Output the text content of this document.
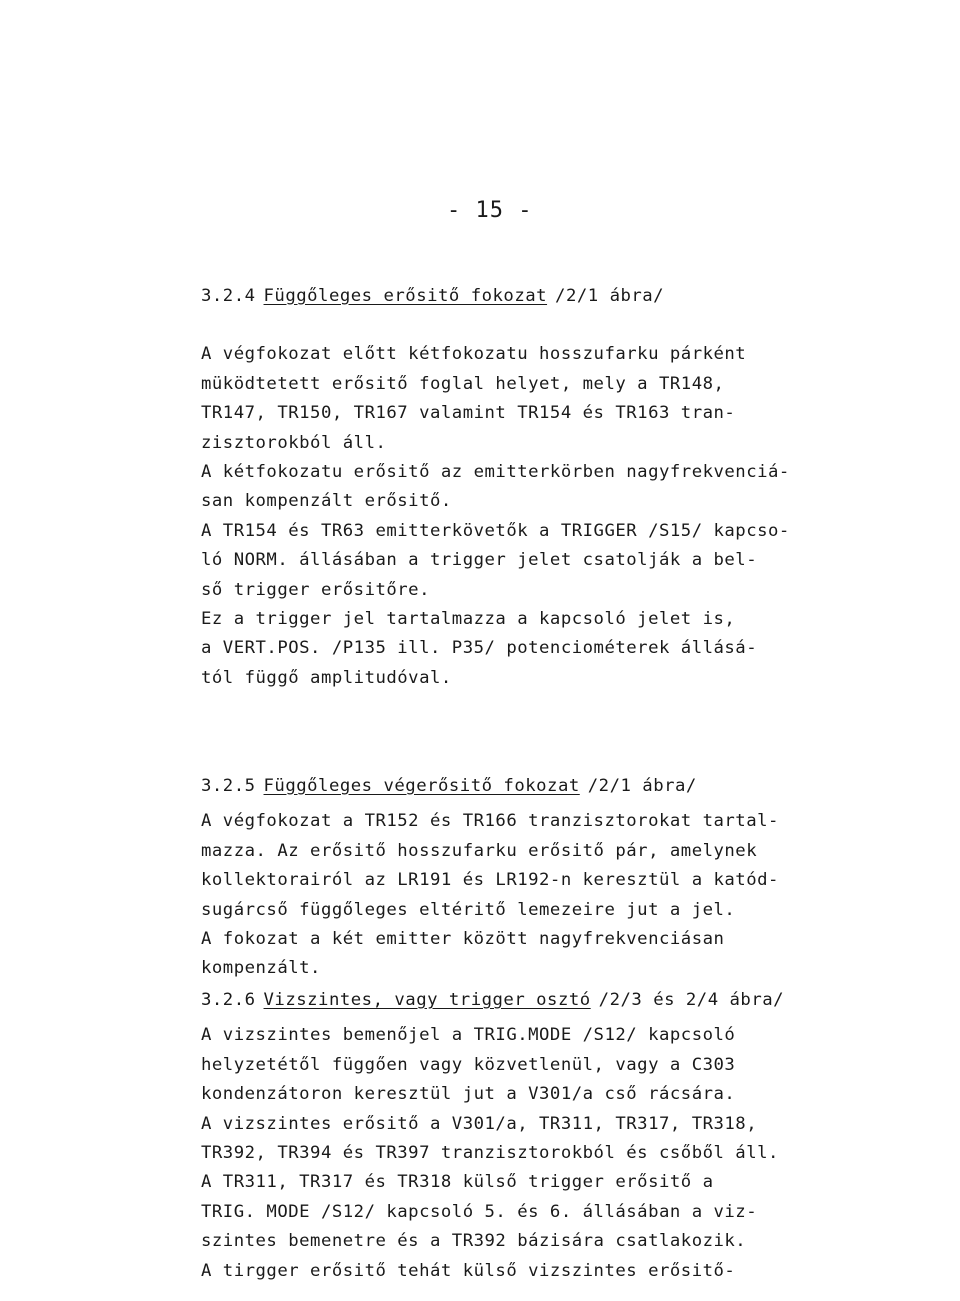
- 15 -
3.2.4 Függőleges erősitő fokozat /2/1 ábra/
A végfokozat előtt kétfokozatu hosszufarku párként
müködtetett erősitő foglal helyet, mely a TR148,
TR147, TR150, TR167 valamint TR154 és TR163 tran-
zisztorokból áll.
A kétfokozatu erősitő az emitterkörben nagyfrekvenciá-
san kompenzált erősitő.
A TR154 és TR63 emitterkövetők a TRIGGER /S15/ kapcso-
ló NORM. állásában a trigger jelet csatolják a bel-
ső trigger erősitőre.
Ez a trigger jel tartalmazza a kapcsoló jelet is,
a VERT.POS. /P135 ill. P35/ potenciométerek állásá-
tól függő amplitudóval.
3.2.5 Függőleges végerősitő fokozat /2/1 ábra/
A végfokozat a TR152 és TR166 tranzisztorokat tartal-
mazza. Az erősitő hosszufarku erősitő pár, amelynek
kollektorairól az LR191 és LR192-n keresztül a katód-
sugárcső függőleges eltéritő lemezeire jut a jel.
A fokozat a két emitter között nagyfrekvenciásan
kompenzált.
3.2.6 Vizszintes, vagy trigger osztó /2/3 és 2/4 ábra/
A vizszintes bemenőjel a TRIG.MODE /S12/ kapcsoló
helyzetétől függően vagy közvetlenül, vagy a C303
kondenzátoron keresztül jut a V301/a cső rácsára.
A vizszintes erősitő a V301/a, TR311, TR317, TR318,
TR392, TR394 és TR397 tranzisztorokból és csőből áll.
A TR311, TR317 és TR318 külső trigger erősitő a
TRIG. MODE /S12/ kapcsoló 5. és 6. állásában a viz-
szintes bemenetre és a TR392 bázisára csatlakozik.
A tirgger erősitő tehát külső vizszintes erősitő-
